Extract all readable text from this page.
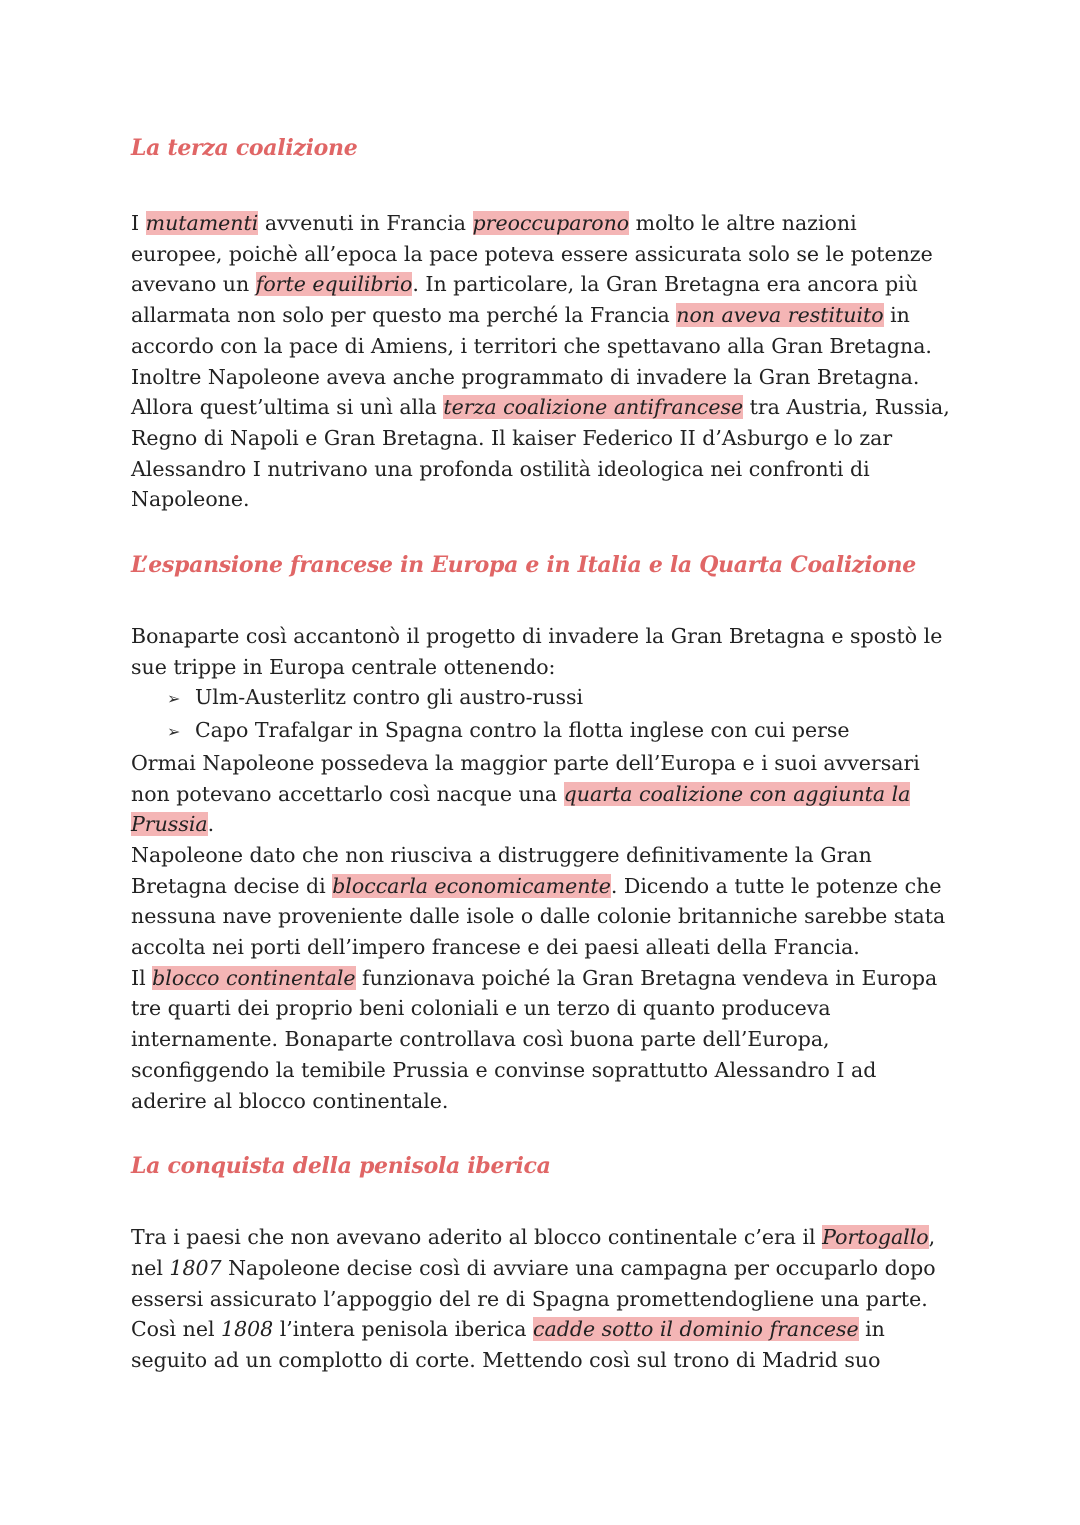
La terza coalizione

I mutamenti avvenuti in Francia preoccuparono molto le altre nazioni
europee, poichè all’epoca la pace poteva essere assicurata solo se le potenze
avevano un forte equilibrio. In particolare, la Gran Bretagna era ancora più
allarmata non solo per questo ma perché la Francia non aveva restituito in
accordo con la pace di Amiens, i territori che spettavano alla Gran Bretagna.
Inoltre Napoleone aveva anche programmato di invadere la Gran Bretagna.
Allora quest’ultima si unì alla terza coalizione antifrancese tra Austria, Russia,
Regno di Napoli e Gran Bretagna. Il kaiser Federico II d’Asburgo e lo zar
Alessandro I nutrivano una profonda ostilità ideologica nei confronti di
Napoleone.

L’espansione francese in Europa e in Italia e la Quarta Coalizione

Bonaparte così accantonò il progetto di invadere la Gran Bretagna e spostò le
sue trippe in Europa centrale ottenendo:

➢ Ulm-Austerlitz contro gli austro-russi
➢ Capo Trafalgar in Spagna contro la flotta inglese con cui perse

Ormai Napoleone possedeva la maggior parte dell’Europa e i suoi avversari
non potevano accettarlo così nacque una quarta coalizione con aggiunta la
Prussia.
Napoleone dato che non riusciva a distruggere definitivamente la Gran
Bretagna decise di bloccarla economicamente. Dicendo a tutte le potenze che
nessuna nave proveniente dalle isole o dalle colonie britanniche sarebbe stata
accolta nei porti dell’impero francese e dei paesi alleati della Francia.
Il blocco continentale funzionava poiché la Gran Bretagna vendeva in Europa
tre quarti dei proprio beni coloniali e un terzo di quanto produceva
internamente. Bonaparte controllava così buona parte dell’Europa,
sconfiggendo la temibile Prussia e convinse soprattutto Alessandro I ad
aderire al blocco continentale.

La conquista della penisola iberica

Tra i paesi che non avevano aderito al blocco continentale c’era il Portogallo,
nel 1807 Napoleone decise così di avviare una campagna per occuparlo dopo
essersi assicurato l’appoggio del re di Spagna promettendogliene una parte.
Così nel 1808 l’intera penisola iberica cadde sotto il dominio francese in
seguito ad un complotto di corte. Mettendo così sul trono di Madrid suo
